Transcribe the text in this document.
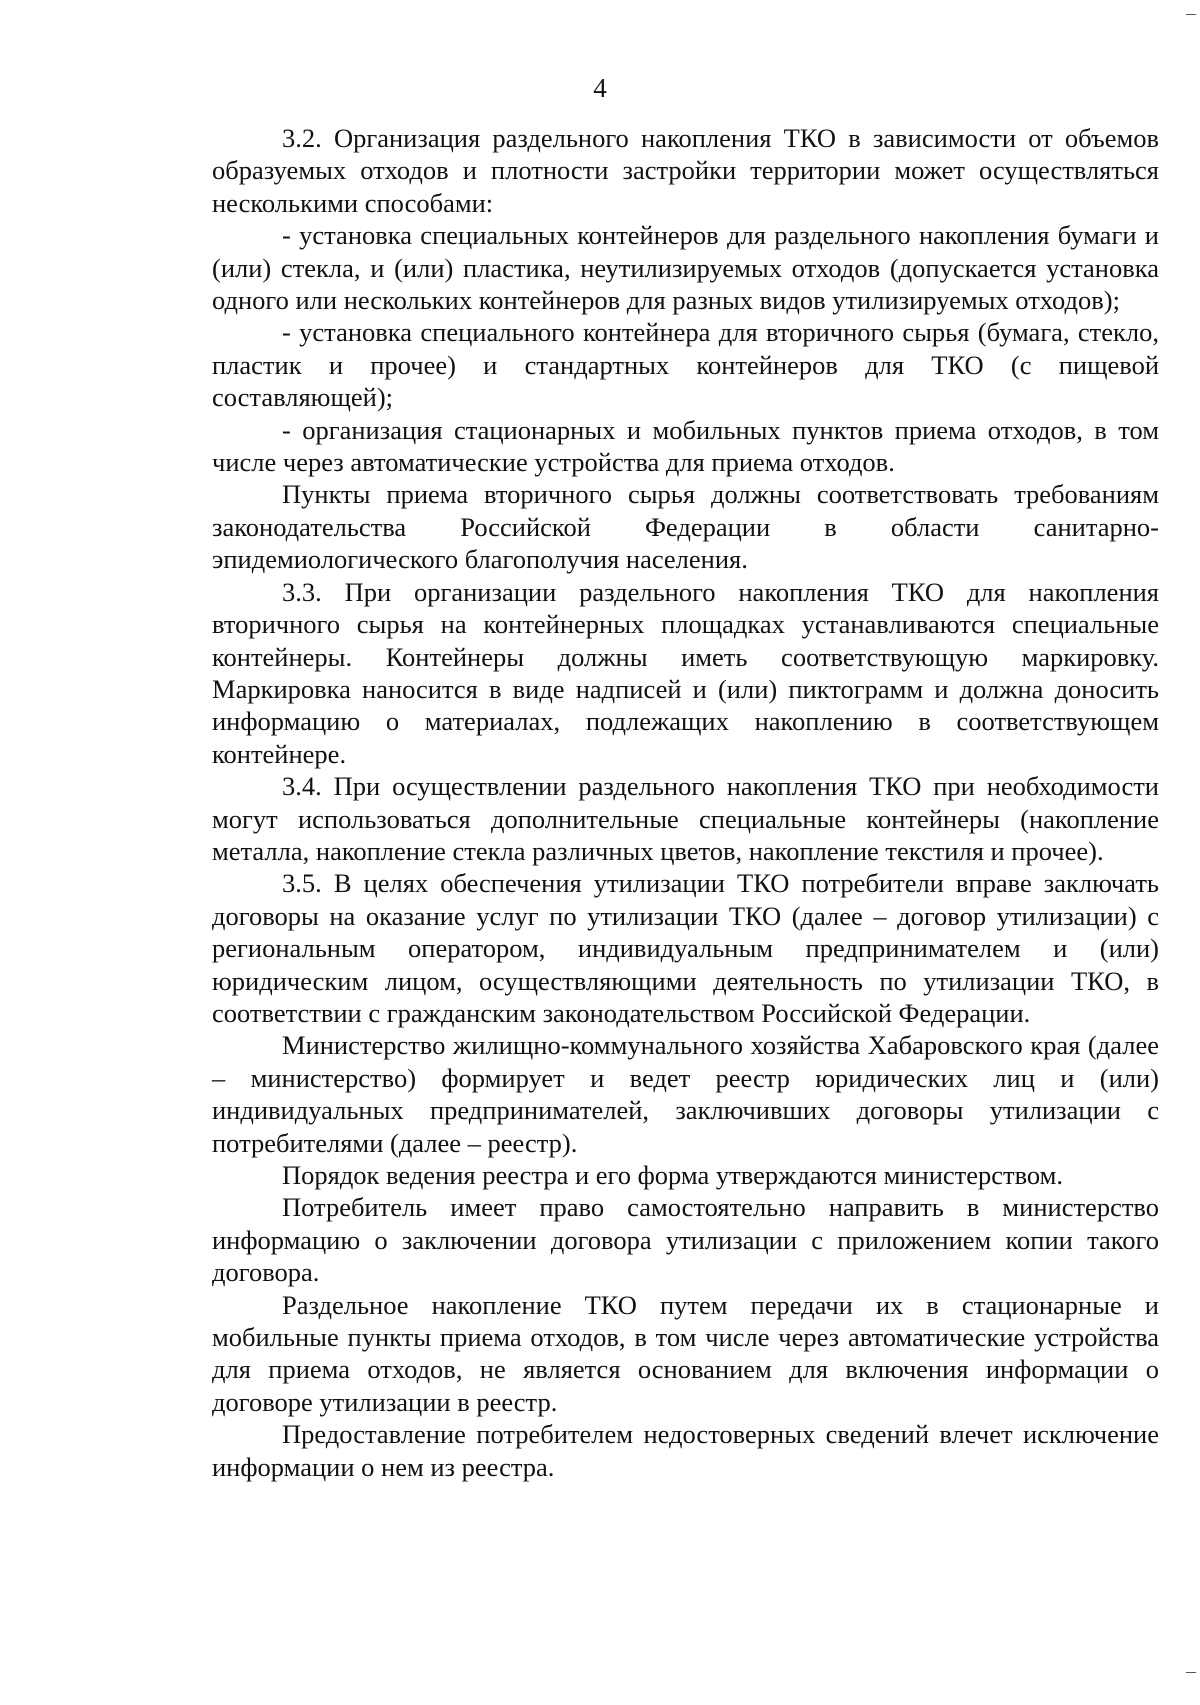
4

3.2. Организация раздельного накопления ТКО в зависимости от объемов образуемых отходов и плотности застройки территории может осуществляться несколькими способами:

- установка специальных контейнеров для раздельного накопления бумаги и (или) стекла, и (или) пластика, неутилизируемых отходов (допускается установка одного или нескольких контейнеров для разных видов утилизируемых отходов);

- установка специального контейнера для вторичного сырья (бумага, стекло, пластик и прочее) и стандартных контейнеров для ТКО (с пищевой составляющей);

- организация стационарных и мобильных пунктов приема отходов, в том числе через автоматические устройства для приема отходов.

Пункты приема вторичного сырья должны соответствовать требованиям законодательства Российской Федерации в области санитарно-эпидемиологического благополучия населения.

3.3. При организации раздельного накопления ТКО для накопления вторичного сырья на контейнерных площадках устанавливаются специальные контейнеры. Контейнеры должны иметь соответствующую маркировку. Маркировка наносится в виде надписей и (или) пиктограмм и должна доносить информацию о материалах, подлежащих накоплению в соответствующем контейнере.

3.4. При осуществлении раздельного накопления ТКО при необходимости могут использоваться дополнительные специальные контейнеры (накопление металла, накопление стекла различных цветов, накопление текстиля и прочее).

3.5. В целях обеспечения утилизации ТКО потребители вправе заключать договоры на оказание услуг по утилизации ТКО (далее – договор утилизации) с региональным оператором, индивидуальным предпринимателем и (или) юридическим лицом, осуществляющими деятельность по утилизации ТКО, в соответствии с гражданским законодательством Российской Федерации.

Министерство жилищно-коммунального хозяйства Хабаровского края (далее – министерство) формирует и ведет реестр юридических лиц и (или) индивидуальных предпринимателей, заключивших договоры утилизации с потребителями (далее – реестр).

Порядок ведения реестра и его форма утверждаются министерством.

Потребитель имеет право самостоятельно направить в министерство информацию о заключении договора утилизации с приложением копии такого договора.

Раздельное накопление ТКО путем передачи их в стационарные и мобильные пункты приема отходов, в том числе через автоматические устройства для приема отходов, не является основанием для включения информации о договоре утилизации в реестр.

Предоставление потребителем недостоверных сведений влечет исключение информации о нем из реестра.

–
–
